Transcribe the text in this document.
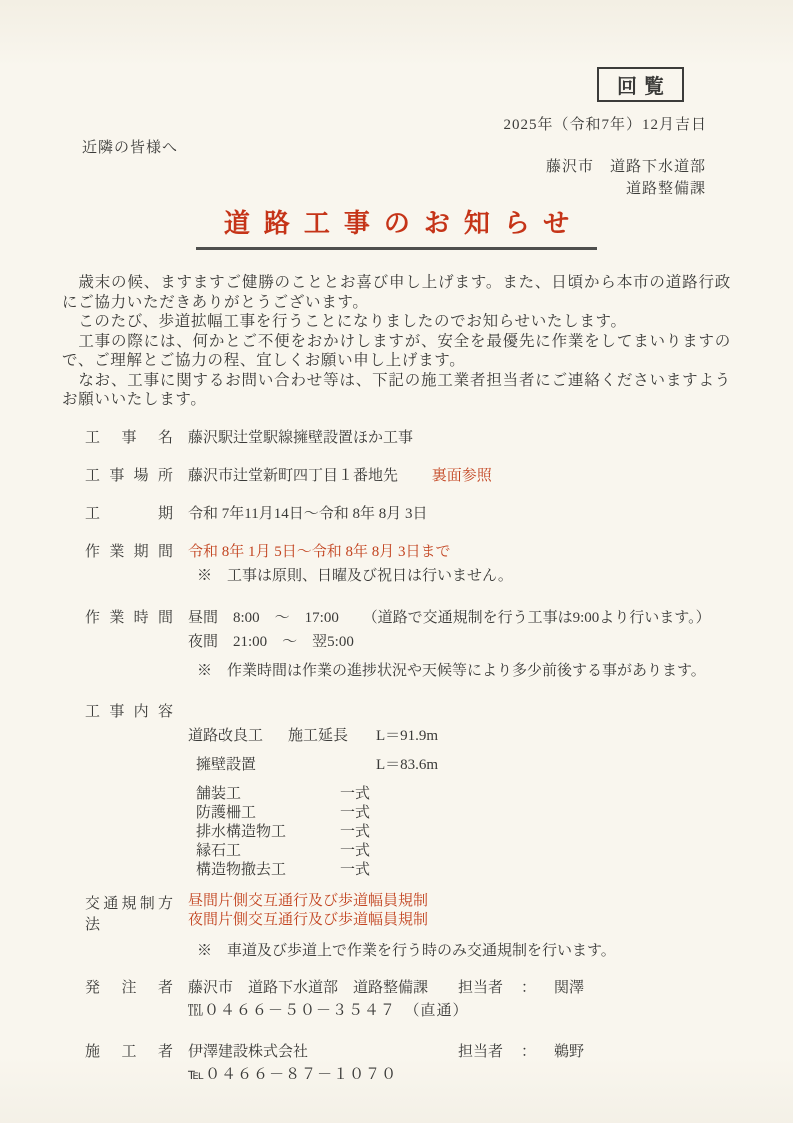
回覧
2025年（令和7年）12月吉日
近隣の皆様へ
藤沢市　道路下水道部
道路整備課
道路工事のお知らせ

　歳末の候、ますますご健勝のこととお喜び申し上げます。また、日頃から本市の道路行政にご協力いただきありがとうございます。

　このたび、歩道拡幅工事を行うことになりましたのでお知らせいたします。

　工事の際には、何かとご不便をおかけしますが、安全を最優先に作業をしてまいりますので、ご理解とご協力の程、宜しくお願い申し上げます。

　なお、工事に関するお問い合わせ等は、下記の施工業者担当者にご連絡くださいますようお願いいたします。

工事名 藤沢駅辻堂駅線擁壁設置ほか工事
工事場所 藤沢市辻堂新町四丁目１番地先 裏面参照
工期 令和 7年11月14日～令和 8年 8月 3日
作業期間 令和 8年 1月 5日～令和 8年 8月 3日まで
※　工事は原則、日曜及び祝日は行いません。
作業時間 昼間　8:00　～　17:00 （道路で交通規制を行う工事は9:00より行います。）
夜間　21:00　～　翌5:00
※　作業時間は作業の進捗状況や天候等により多少前後する事があります。
工事内容
道路改良工	施工延長	L＝91.9m
擁壁設置	L＝83.6m
舗装工	一式
防護柵工	一式
排水構造物工	一式
縁石工	一式
構造物撤去工	一式
交通規制方法
昼間片側交互通行及び歩道幅員規制
夜間片側交互通行及び歩道幅員規制
※　車道及び歩道上で作業を行う時のみ交通規制を行います。
発注者 藤沢市　道路下水道部　道路整備課	担当者 ： 関澤
℡０４６６－５０－３５４７　（直通）
施工者 伊澤建設株式会社	担当者 ： 鵜野
℡０４６６－８７－１０７０
